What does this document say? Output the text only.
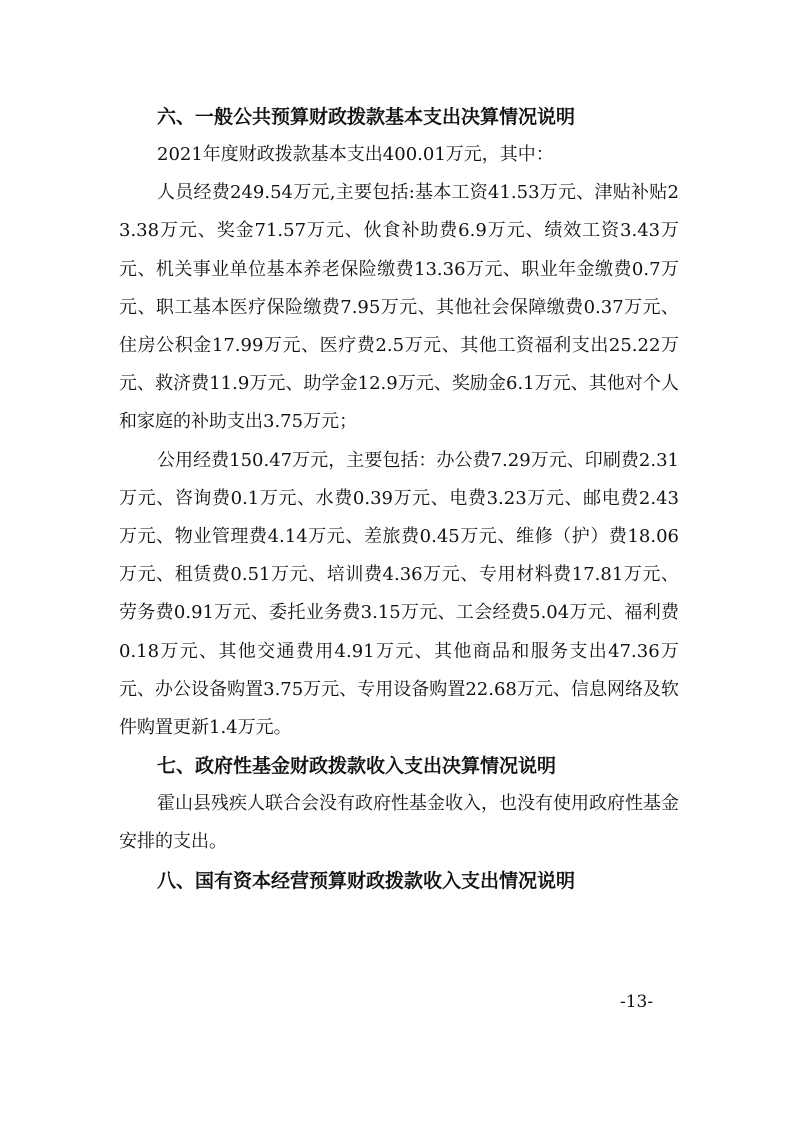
六、一般公共预算财政拨款基本支出决算情况说明

2021年度财政拨款基本支出400.01万元，其中：

人员经费249.54万元,主要包括:基本工资41.53万元、津贴补贴23.38万元、奖金71.57万元、伙食补助费6.9万元、绩效工资3.43万元、机关事业单位基本养老保险缴费13.36万元、职业年金缴费0.7万元、职工基本医疗保险缴费7.95万元、其他社会保障缴费0.37万元、住房公积金17.99万元、医疗费2.5万元、其他工资福利支出25.22万元、救济费11.9万元、助学金12.9万元、奖励金6.1万元、其他对个人和家庭的补助支出3.75万元；

公用经费150.47万元，主要包括：办公费7.29万元、印刷费2.31万元、咨询费0.1万元、水费0.39万元、电费3.23万元、邮电费2.43万元、物业管理费4.14万元、差旅费0.45万元、维修（护）费18.06万元、租赁费0.51万元、培训费4.36万元、专用材料费17.81万元、劳务费0.91万元、委托业务费3.15万元、工会经费5.04万元、福利费0.18万元、其他交通费用4.91万元、其他商品和服务支出47.36万元、办公设备购置3.75万元、专用设备购置22.68万元、信息网络及软件购置更新1.4万元。

七、政府性基金财政拨款收入支出决算情况说明

霍山县残疾人联合会没有政府性基金收入，也没有使用政府性基金安排的支出。

八、国有资本经营预算财政拨款收入支出情况说明

-13-
